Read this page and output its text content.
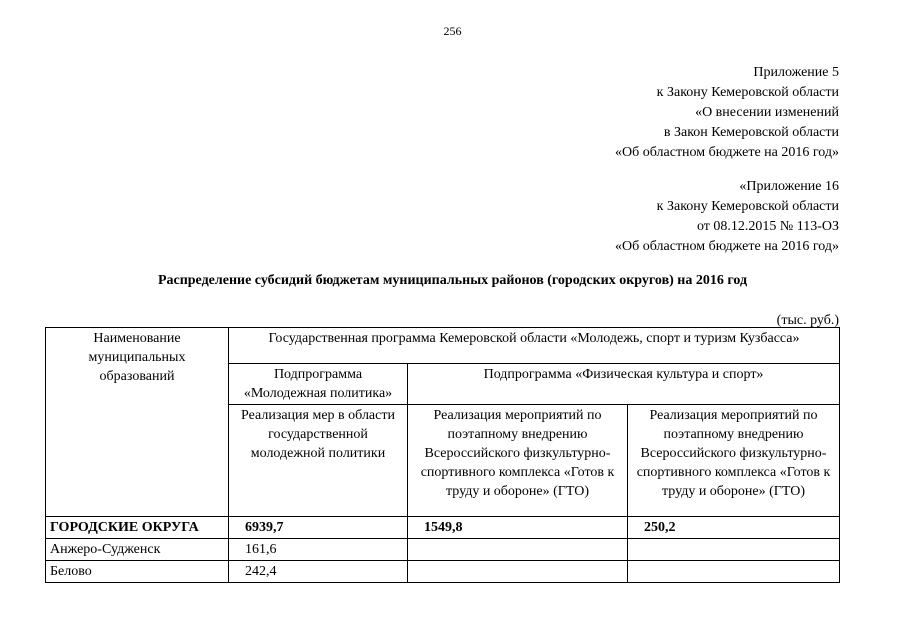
256
Приложение 5
к Закону Кемеровской области
«О внесении изменений
в Закон Кемеровской области
«Об областном бюджете на 2016 год»
«Приложение 16
к Закону Кемеровской области
от 08.12.2015 № 113-ОЗ
«Об областном бюджете на 2016 год»
Распределение субсидий бюджетам муниципальных районов (городских округов) на 2016 год
(тыс. руб.)
Наименование муниципальных образований	Государственная программа Кемеровской области «Молодежь, спорт и туризм Кузбасса»		
	Подпрограмма «Молодежная политика»	Подпрограмма «Физическая культура и спорт»	
	Реализация мер в области государственной молодежной политики	Реализация мероприятий по поэтапному внедрению Всероссийского физкультурно-спортивного комплекса «Готов к труду и обороне» (ГТО)	Реализация мероприятий по поэтапному внедрению Всероссийского физкультурно-спортивного комплекса «Готов к труду и обороне» (ГТО)
ГОРОДСКИЕ ОКРУГА	6939,7	1549,8	250,2
Анжеро-Судженск	161,6		
Белово	242,4		
